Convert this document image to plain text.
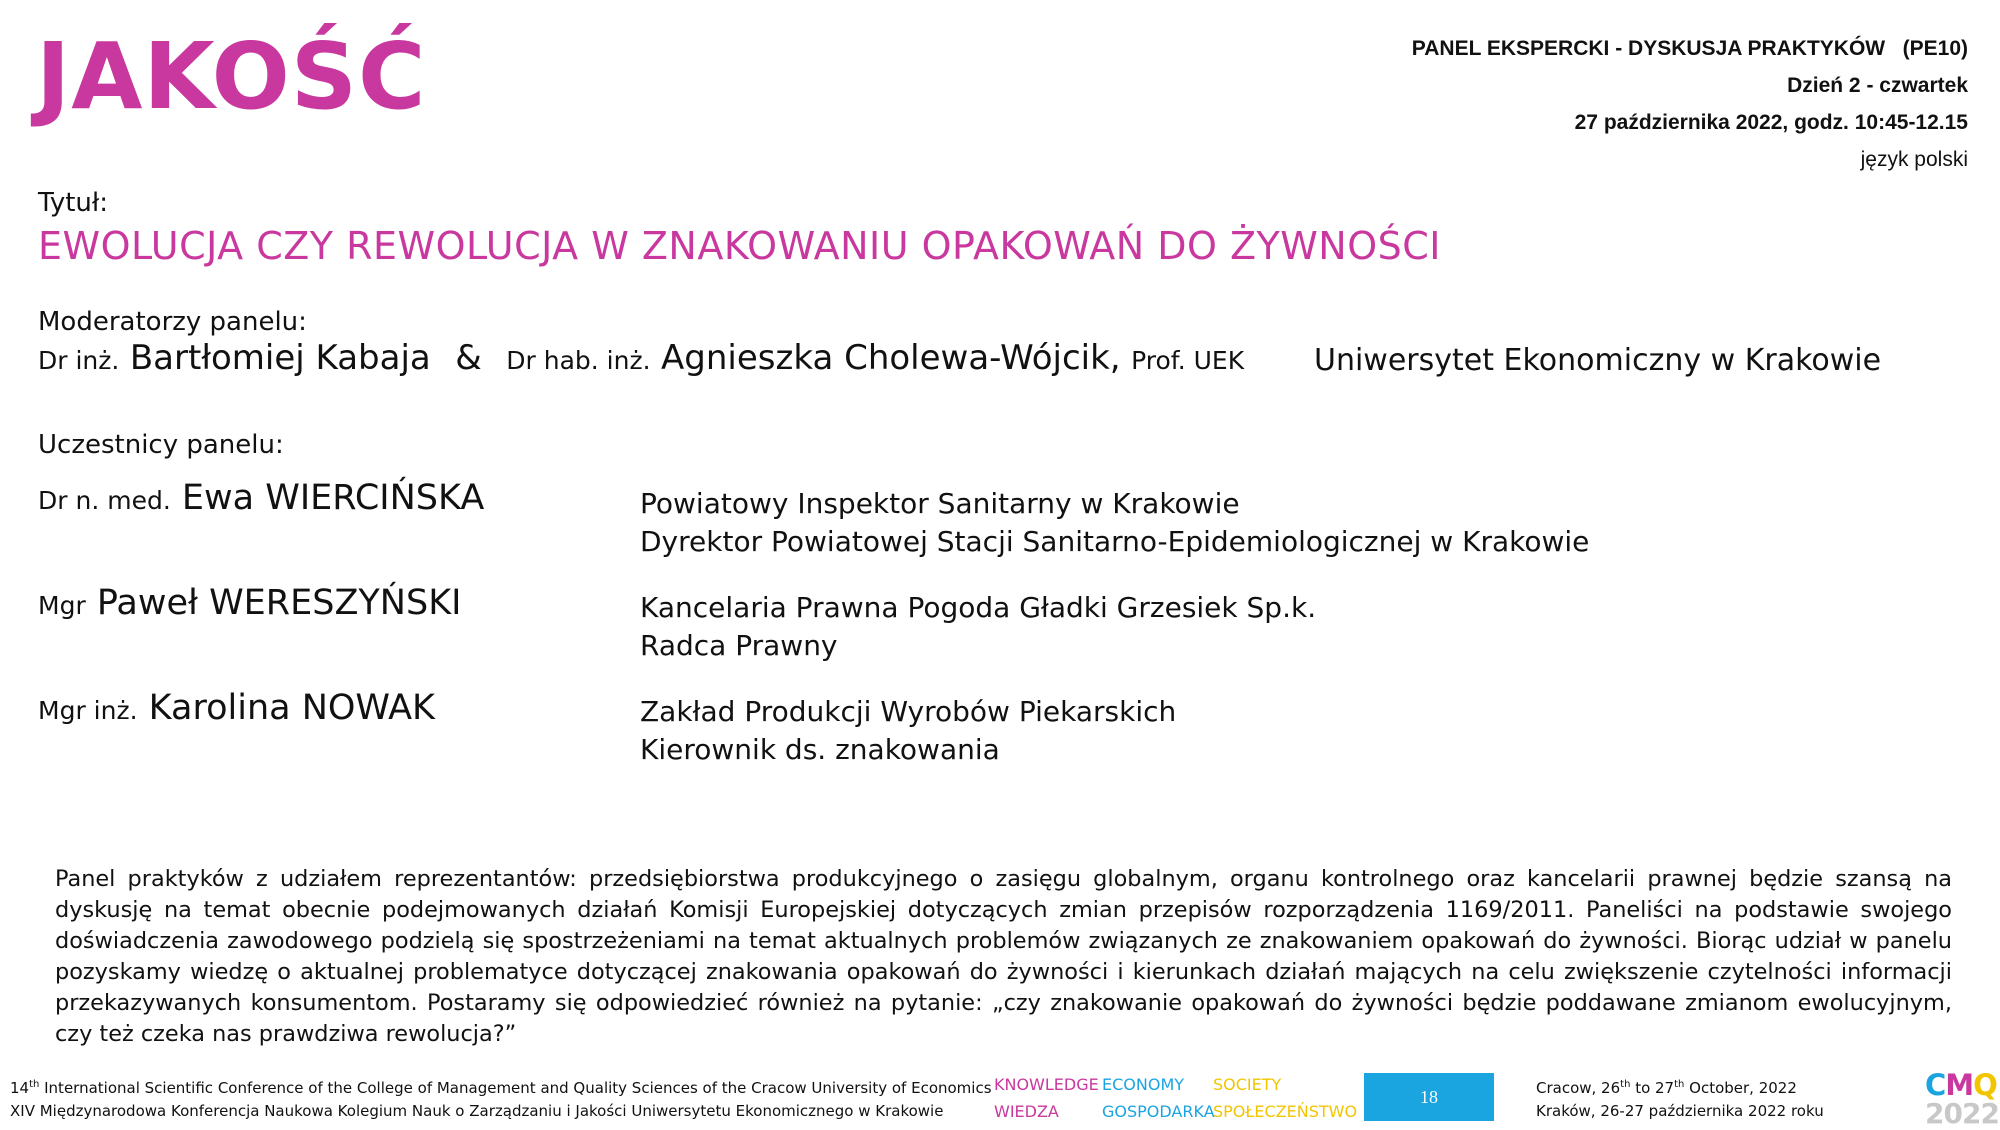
JAKOŚĆ	PANEL EKSPERCKI - DYSKUSJA PRAKTYKÓW   (PE10)
Dzień 2 - czwartek
27 października 2022, godz. 10:45-12.15
język polski
Tytuł:
EWOLUCJA CZY REWOLUCJA W ZNAKOWANIU OPAKOWAŃ DO ŻYWNOŚCI
Moderatorzy panelu:
Dr inż. Bartłomiej Kabaja & Dr hab. inż. Agnieszka Cholewa-Wójcik, Prof. UEK Uniwersytet Ekonomiczny w Krakowie
Uczestnicy panelu:
Dr n. med. Ewa WIERCIŃSKA	Powiatowy Inspektor Sanitarny w Krakowie
Dyrektor Powiatowej Stacji Sanitarno-Epidemiologicznej w Krakowie
Mgr Paweł WERESZYŃSKI	Kancelaria Prawna Pogoda Gładki Grzesiek Sp.k.
Radca Prawny
Mgr inż. Karolina NOWAK	Zakład Produkcji Wyrobów Piekarskich
Kierownik ds. znakowania
Panel praktyków z udziałem reprezentantów: przedsiębiorstwa produkcyjnego o zasięgu globalnym, organu kontrolnego oraz kancelarii prawnej będzie szansą na dyskusję na temat obecnie podejmowanych działań Komisji Europejskiej dotyczących zmian przepisów rozporządzenia 1169/2011. Paneliści na podstawie swojego doświadczenia zawodowego podzielą się spostrzeżeniami na temat aktualnych problemów związanych ze znakowaniem opakowań do żywności. Biorąc udział w panelu pozyskamy wiedzę o aktualnej problematyce dotyczącej znakowania opakowań do żywności i kierunkach działań mających na celu zwiększenie czytelności informacji przekazywanych konsumentom. Postaramy się odpowiedzieć również na pytanie: „czy znakowanie opakowań do żywności będzie poddawane zmianom ewolucyjnym, czy też czeka nas prawdziwa rewolucja?”
14th International Scientific Conference of the College of Management and Quality Sciences of the Cracow University of Economics
XIV Międzynarodowa Konferencja Naukowa Kolegium Nauk o Zarządzaniu i Jakości Uniwersytetu Ekonomicznego w Krakowie
KNOWLEDGE ECONOMY SOCIETY
WIEDZA	GOSPODARKA
SPOŁECZEŃSTWO
18	Cracow, 26th to 27th October, 2022
Kraków, 26-27 października 2022 roku
CMQ
2022
